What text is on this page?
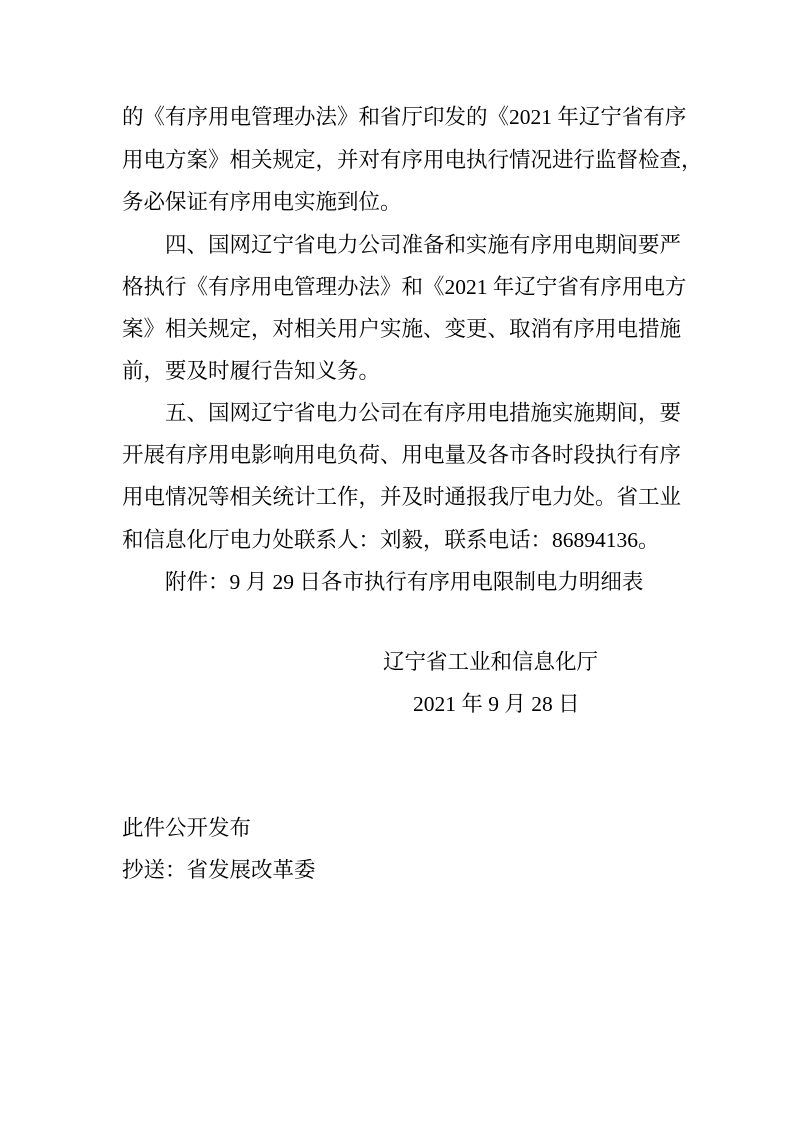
的《有序用电管理办法》和省厅印发的《2021 年辽宁省有序
用电方案》相关规定，并对有序用电执行情况进行监督检查，
务必保证有序用电实施到位。
四、国网辽宁省电力公司准备和实施有序用电期间要严
格执行《有序用电管理办法》和《2021 年辽宁省有序用电方
案》相关规定，对相关用户实施、变更、取消有序用电措施
前，要及时履行告知义务。
五、国网辽宁省电力公司在有序用电措施实施期间，要
开展有序用电影响用电负荷、用电量及各市各时段执行有序
用电情况等相关统计工作，并及时通报我厅电力处。省工业
和信息化厅电力处联系人：刘毅，联系电话：86894136。
附件：9 月 29 日各市执行有序用电限制电力明细表
辽宁省工业和信息化厅
2021 年 9 月 28 日
此件公开发布
抄送：省发展改革委
